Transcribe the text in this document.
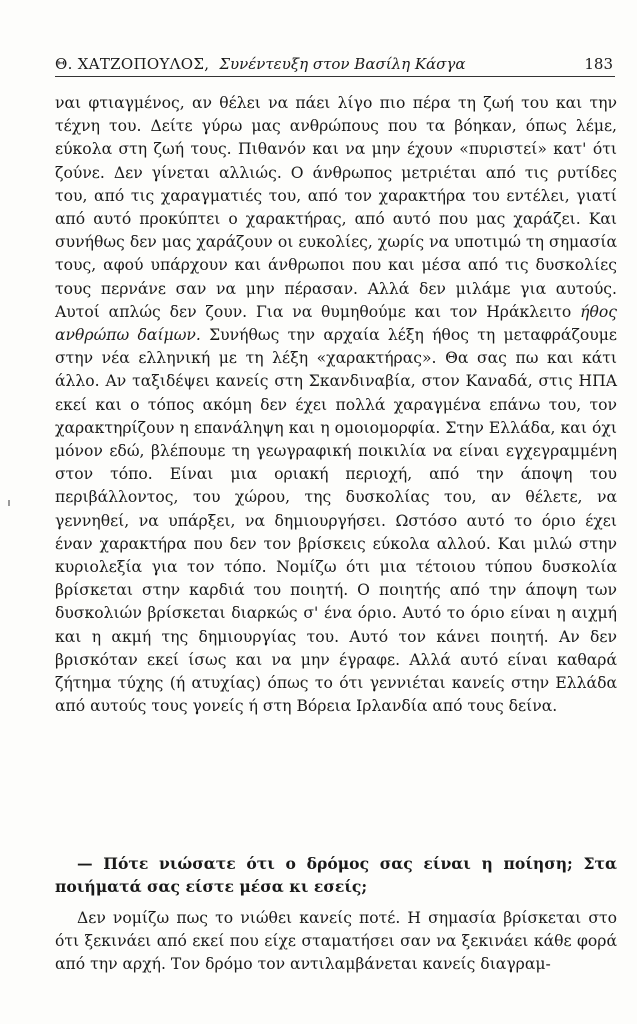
Θ. ΧΑΤΖΟΠΟΥΛΟΣ, Συνέντευξη στον Βασίλη Κάσγα	183

ναι φτιαγμένος, αν θέλει να πάει λίγο πιο πέρα τη ζωή του και την τέχνη του. Δείτε γύρω μας ανθρώπους που τα βόηκαν, όπως λέμε, εύκολα στη ζωή τους. Πιθανόν και να μην έχουν «πυριστεί» κατ' ότι ζούνε. Δεν γίνεται αλλιώς. Ο άνθρωπος μετριέται από τις ρυτίδες του, από τις χαραγματιές του, από τον χαρακτήρα του εντέλει, γιατί από αυτό προκύπτει ο χαρακτήρας, από αυτό που μας χαράζει. Και συνήθως δεν μας χαράζουν οι ευκολίες, χωρίς να υποτιμώ τη σημασία τους, αφού υπάρχουν και άνθρωποι που και μέσα από τις δυσκολίες τους περνάνε σαν να μην πέρασαν. Αλλά δεν μιλάμε για αυτούς. Αυτοί απλώς δεν ζουν. Για να θυμηθούμε και τον Ηράκλειτο ήθος ανθρώπω δαίμων. Συνήθως την αρχαία λέξη ήθος τη μεταφράζουμε στην νέα ελληνική με τη λέξη «χαρακτήρας». Θα σας πω και κάτι άλλο. Αν ταξιδέψει κανείς στη Σκανδιναβία, στον Καναδά, στις ΗΠΑ εκεί και ο τόπος ακόμη δεν έχει πολλά χαραγμένα επάνω του, τον χαρακτηρίζουν η επανάληψη και η ομοιομορφία. Στην Ελλάδα, και όχι μόνον εδώ, βλέπουμε τη γεωγραφική ποικιλία να είναι εγχεγραμμένη στον τόπο. Είναι μια οριακή περιοχή, από την άποψη του περιβάλλοντος, του χώρου, της δυσκολίας του, αν θέλετε, να γεννηθεί, να υπάρξει, να δημιουργήσει. Ωστόσο αυτό το όριο έχει έναν χαρακτήρα που δεν τον βρίσκεις εύκολα αλλού. Και μιλώ στην κυριολεξία για τον τόπο. Νομίζω ότι μια τέτοιου τύπου δυσκολία βρίσκεται στην καρδιά του ποιητή. Ο ποιητής από την άποψη των δυσκολιών βρίσκεται διαρκώς σ' ένα όριο. Αυτό το όριο είναι η αιχμή και η ακμή της δημιουργίας του. Αυτό τον κάνει ποιητή. Αν δεν βρισκόταν εκεί ίσως και να μην έγραφε. Αλλά αυτό είναι καθαρά ζήτημα τύχης (ή ατυχίας) όπως το ότι γεννιέται κανείς στην Ελλάδα από αυτούς τους γονείς ή στη Βόρεια Ιρλανδία από τους δείνα.

— Πότε νιώσατε ότι ο δρόμος σας είναι η ποίηση; Στα ποιήματά σας είστε μέσα κι εσείς;
Δεν νομίζω πως το νιώθει κανείς ποτέ. Η σημασία βρίσκεται στο ότι ξεκινάει από εκεί που είχε σταματήσει σαν να ξεκινάει κάθε φορά από την αρχή. Τον δρόμο τον αντιλαμβάνεται κανείς διαγραμ-
